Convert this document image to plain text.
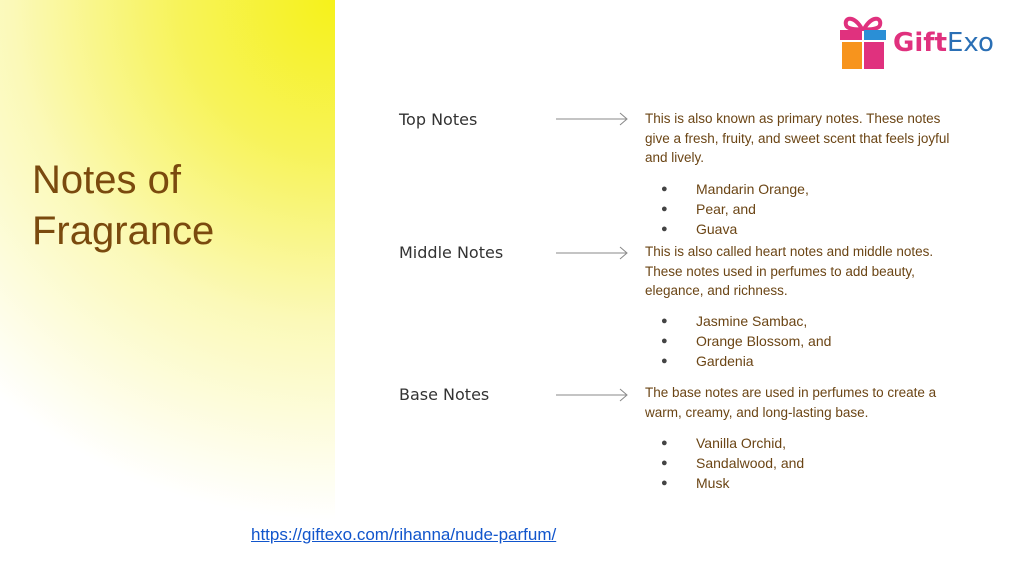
Notes of Fragrance
GiftExo
Top Notes	This is also known as primary notes. These notes give a fresh, fruity, and sweet scent that feels joyful and lively.

● Mandarin Orange,
● Pear, and
● Guava
Middle Notes	This is also called heart notes and middle notes. These notes used in perfumes to add beauty, elegance, and richness.

● Jasmine Sambac,
● Orange Blossom, and
● Gardenia
Base Notes	The base notes are used in perfumes to create a warm, creamy, and long-lasting base.

● Vanilla Orchid,
● Sandalwood, and
● Musk
https://giftexo.com/rihanna/nude-parfum/
